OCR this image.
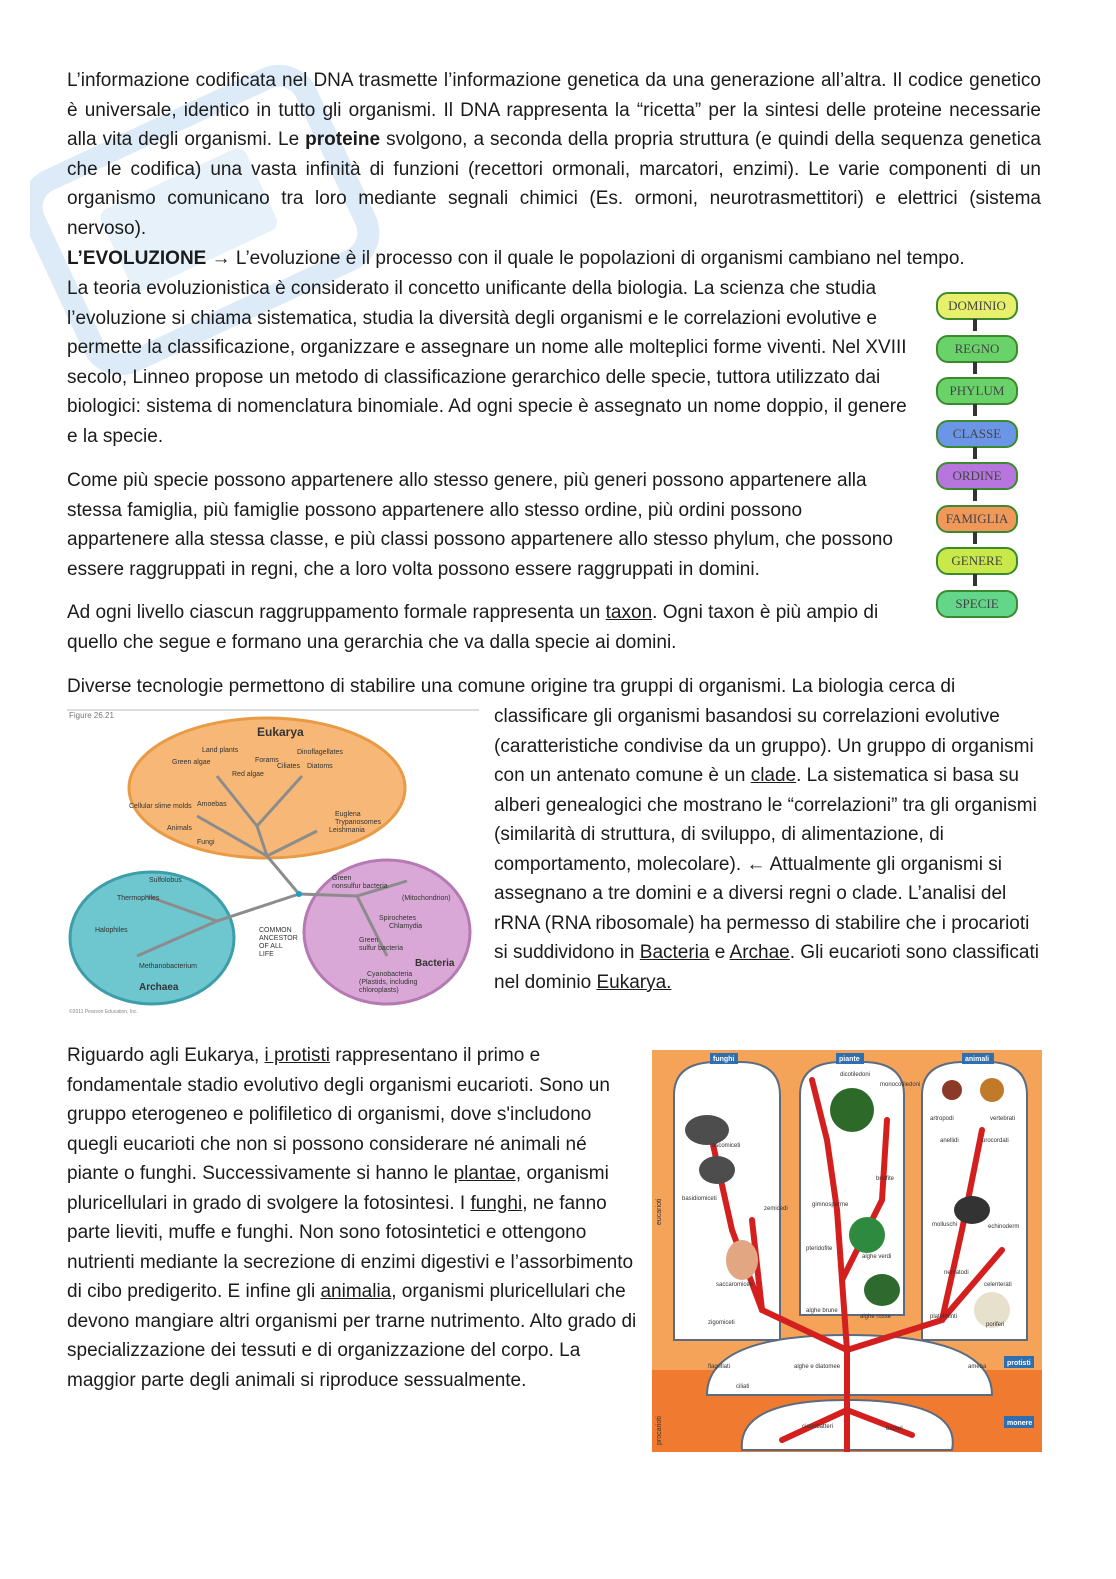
L’informazione codificata nel DNA trasmette l’informazione genetica da una generazione all’altra. Il codice genetico è universale, identico in tutto gli organismi. Il DNA rappresenta la “ricetta” per la sintesi delle proteine necessarie alla vita degli organismi. Le proteine svolgono, a seconda della propria struttura (e quindi della sequenza genetica che le codifica) una vasta infinità di funzioni (recettori ormonali, marcatori, enzimi). Le varie componenti di un organismo comunicano tra loro mediante segnali chimici (Es. ormoni, neurotrasmettitori) e elettrici (sistema nervoso).

L’EVOLUZIONE → L’evoluzione è il processo con il quale le popolazioni di organismi cambiano nel tempo.

La teoria evoluzionistica è considerato il concetto unificante della biologia. La scienza che studia l’evoluzione si chiama sistematica, studia la diversità degli organismi e le correlazioni evolutive e permette la classificazione, organizzare e assegnare un nome alle molteplici forme viventi. Nel XVIII secolo, Linneo propose un metodo di classificazione gerarchico delle specie, tuttora utilizzato dai biologici: sistema di nomenclatura binomiale. Ad ogni specie è assegnato un nome doppio, il genere e la specie.

Come più specie possono appartenere allo stesso genere, più generi possono appartenere alla stessa famiglia, più famiglie possono appartenere allo stesso ordine, più ordini possono appartenere alla stessa classe, e più classi possono appartenere allo stesso phylum, che possono essere raggruppati in regni, che a loro volta possono essere raggruppati in domini.

Ad ogni livello ciascun raggruppamento formale rappresenta un taxon. Ogni taxon è più ampio di quello che segue e formano una gerarchia che va dalla specie ai domini.

DOMINIO
REGNO
PHYLUM
CLASSE
ORDINE
FAMIGLIA
GENERE
SPECIE

Diverse tecnologie permettono di stabilire una comune origine tra gruppi di organismi. La biologia cerca di

classificare gli organismi basandosi su correlazioni evolutive (caratteristiche condivise da un gruppo). Un gruppo di organismi con un antenato comune è un clade. La sistematica si basa su alberi genealogici che mostrano le “correlazioni” tra gli organismi (similarità di struttura, di sviluppo, di alimentazione, di comportamento, molecolare). ← Attualmente gli organismi si assegnano a tre domini e a diversi regni o clade. L’analisi del rRNA (RNA ribosomale) ha permesso di stabilire che i procarioti si suddividono in Bacteria e Archae. Gli eucarioti sono classificati nel dominio Eukarya.

Figure 26.21
Eukarya
Archaea
Bacteria
Land plants	Dinoflagellates
Green algae	Forams
Ciliates Diatoms
Red algae
Amoebas
Cellular slime molds
Euglena
Trypanosomes
Leishmania
Animals
Fungi
Sulfolobus
Thermophiles
Halophiles
Methanobacterium
Green
nonsulfur bacteria
(Mitochondrion)
Spirochetes
Chlamydia
Green
sulfur bacteria
Cyanobacteria
(Plastids, including
chloroplasts)
COMMON
ANCESTOR
OF ALL
LIFE
©2011 Pearson Education, Inc.

Riguardo agli Eukarya, i protisti rappresentano il primo e fondamentale stadio evolutivo degli organismi eucarioti. Sono un gruppo eterogeneo e polifiletico di organismi, dove s'includono quegli eucarioti che non si possono considerare né animali né piante o funghi. Successivamente si hanno le plantae, organismi pluricellulari in grado di svolgere la fotosintesi. I funghi, ne fanno parte lieviti, muffe e funghi. Non sono fotosintetici e ottengono nutrienti mediante la secrezione di enzimi digestivi e l’assorbimento di cibo predigerito. E infine gli animalia, organismi pluricellulari che devono mangiare altri organismi per trarne nutrimento. Alto grado di specializzazione dei tessuti e di organizzazione del corpo. La maggior parte degli animali si riproduce sessualmente.

funghi	piante	animali
protisti
monere
eucarioti
procarioti
ascomiceti
dicotiledoni
monocotiledoni
artropodi	vertebrati
anellidi	urocordati
zemicedi
gimnosperme
briofite
basidiomiceti
molluschi	echinoderm
pteridofite
alghe verdi
nematodi
saccaromiceti	celenterati
zigomiceti
alghe brune
alghe rosse	platelminti
poriferi
flagellati	alghe e diatomee
ciliati
ameba
cianobatteri	batteri
